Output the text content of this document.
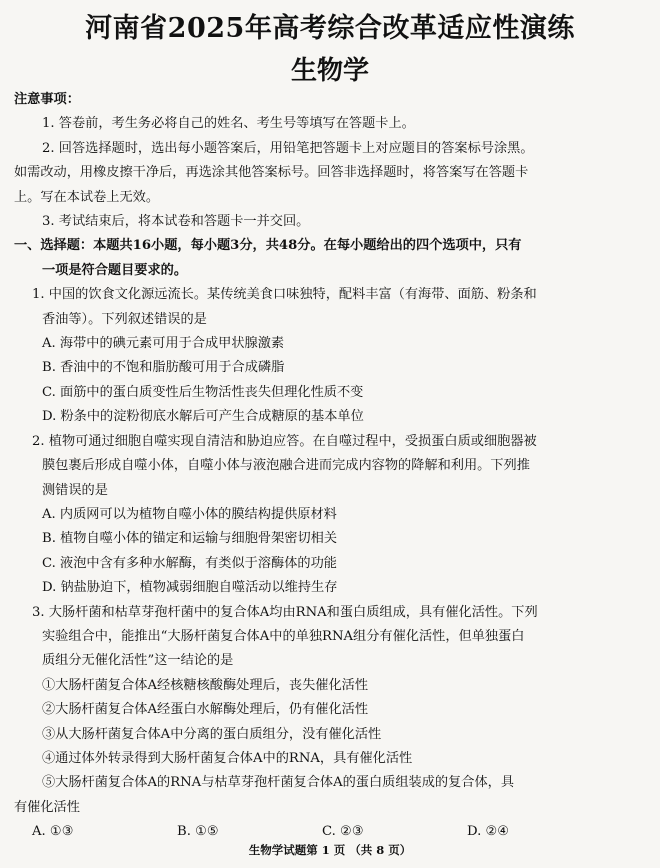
河南省2025年高考综合改革适应性演练
生物学

注意事项：

1. 答卷前，考生务必将自己的姓名、考生号等填写在答题卡上。

2. 回答选择题时，选出每小题答案后，用铅笔把答题卡上对应题目的答案标号涂黑。

如需改动，用橡皮擦干净后，再选涂其他答案标号。回答非选择题时，将答案写在答题卡

上。写在本试卷上无效。

3. 考试结束后，将本试卷和答题卡一并交回。

一、选择题：本题共16小题，每小题3分，共48分。在每小题给出的四个选项中，只有

一项是符合题目要求的。

1. 中国的饮食文化源远流长。某传统美食口味独特，配料丰富（有海带、面筋、粉条和

香油等）。下列叙述错误的是

A. 海带中的碘元素可用于合成甲状腺激素

B. 香油中的不饱和脂肪酸可用于合成磷脂

C. 面筋中的蛋白质变性后生物活性丧失但理化性质不变

D. 粉条中的淀粉彻底水解后可产生合成糖原的基本单位

2. 植物可通过细胞自噬实现自清洁和胁迫应答。在自噬过程中，受损蛋白质或细胞器被

膜包裹后形成自噬小体，自噬小体与液泡融合进而完成内容物的降解和利用。下列推

测错误的是

A. 内质网可以为植物自噬小体的膜结构提供原材料

B. 植物自噬小体的锚定和运输与细胞骨架密切相关

C. 液泡中含有多种水解酶，有类似于溶酶体的功能

D. 钠盐胁迫下，植物减弱细胞自噬活动以维持生存

3. 大肠杆菌和枯草芽孢杆菌中的复合体A均由RNA和蛋白质组成，具有催化活性。下列

实验组合中，能推出“大肠杆菌复合体A中的单独RNA组分有催化活性，但单独蛋白

质组分无催化活性”这一结论的是

①大肠杆菌复合体A经核糖核酸酶处理后，丧失催化活性

②大肠杆菌复合体A经蛋白水解酶处理后，仍有催化活性

③从大肠杆菌复合体A中分离的蛋白质组分，没有催化活性

④通过体外转录得到大肠杆菌复合体A中的RNA，具有催化活性

⑤大肠杆菌复合体A的RNA与枯草芽孢杆菌复合体A的蛋白质组装成的复合体，具

有催化活性

A. ①③	B. ①⑤	C. ②③	D. ②④
生物学试题第 1 页 （共 8 页）
